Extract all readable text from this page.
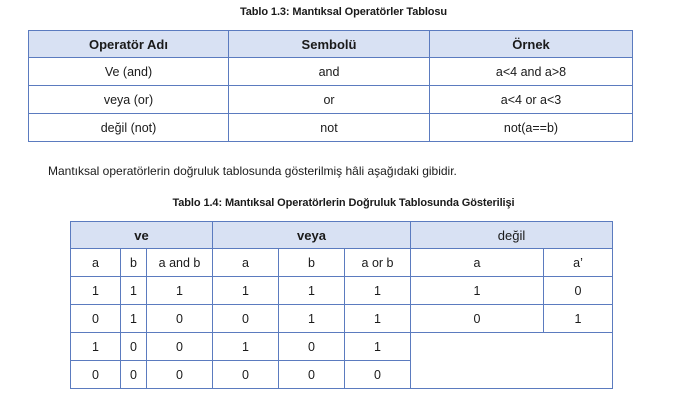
Tablo 1.3: Mantıksal Operatörler Tablosu
Operatör Adı	Sembolü	Örnek
Ve (and)	and	a<4 and a>8
veya (or)	or	a<4 or a<3
değil (not)	not	not(a==b)
Mantıksal operatörlerin doğruluk tablosunda gösterilmiş hâli aşağıdaki gibidir.
Tablo 1.4: Mantıksal Operatörlerin Doğruluk Tablosunda Gösterilişi
ve			veya			değil	
a	b	a and b	a	b	a or b	a	a’
1	1	1	1	1	1	1	0
0	1	0	0	1	1	0	1
1	0	0	1	0	1		
0	0	0	0	0	0		
